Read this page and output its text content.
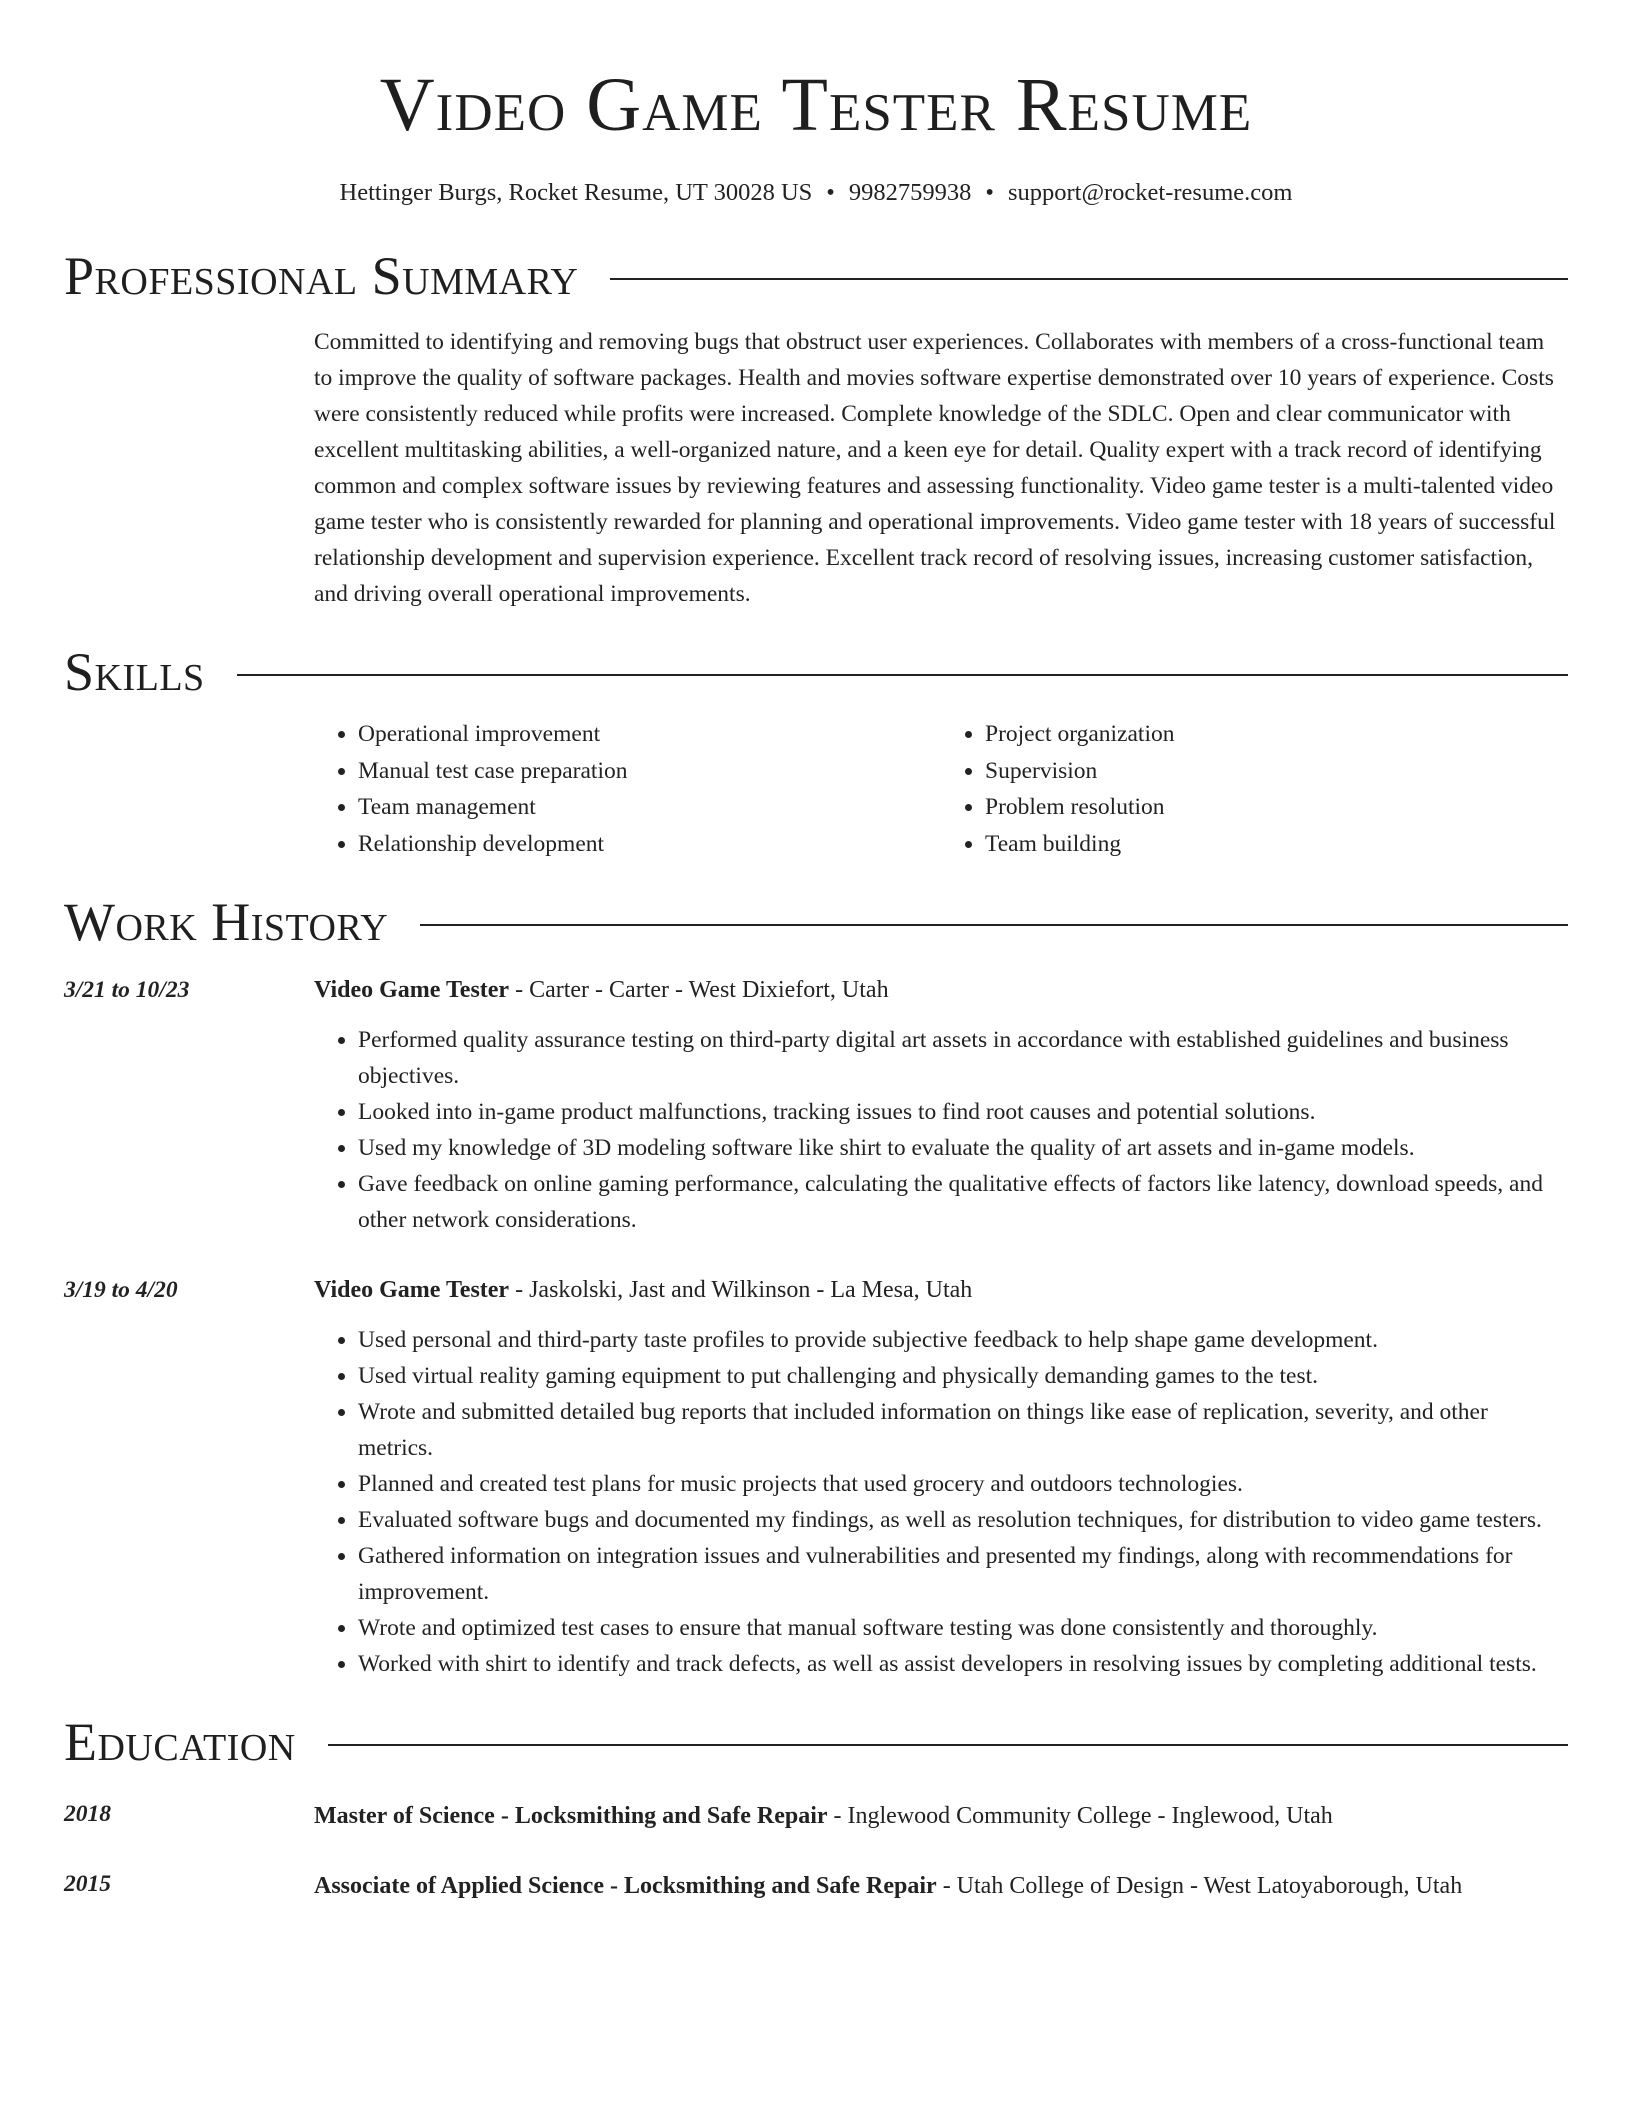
Video Game Tester Resume
Hettinger Burgs, Rocket Resume, UT 30028 US • 9982759938 • support@rocket-resume.com
Professional Summary
Committed to identifying and removing bugs that obstruct user experiences. Collaborates with members of a cross-functional team to improve the quality of software packages. Health and movies software expertise demonstrated over 10 years of experience. Costs were consistently reduced while profits were increased. Complete knowledge of the SDLC. Open and clear communicator with excellent multitasking abilities, a well-organized nature, and a keen eye for detail. Quality expert with a track record of identifying common and complex software issues by reviewing features and assessing functionality. Video game tester is a multi-talented video game tester who is consistently rewarded for planning and operational improvements. Video game tester with 18 years of successful relationship development and supervision experience. Excellent track record of resolving issues, increasing customer satisfaction, and driving overall operational improvements.
Skills
• Operational improvement
• Manual test case preparation
• Team management
• Relationship development
• Project organization
• Supervision
• Problem resolution
• Team building
Work History
3/21 to 10/23	Video Game Tester - Carter - Carter - West Dixiefort, Utah
• Performed quality assurance testing on third-party digital art assets in accordance with established guidelines and business objectives.
• Looked into in-game product malfunctions, tracking issues to find root causes and potential solutions.
• Used my knowledge of 3D modeling software like shirt to evaluate the quality of art assets and in-game models.
• Gave feedback on online gaming performance, calculating the qualitative effects of factors like latency, download speeds, and other network considerations.
3/19 to 4/20	Video Game Tester - Jaskolski, Jast and Wilkinson - La Mesa, Utah
• Used personal and third-party taste profiles to provide subjective feedback to help shape game development.
• Used virtual reality gaming equipment to put challenging and physically demanding games to the test.
• Wrote and submitted detailed bug reports that included information on things like ease of replication, severity, and other metrics.
• Planned and created test plans for music projects that used grocery and outdoors technologies.
• Evaluated software bugs and documented my findings, as well as resolution techniques, for distribution to video game testers.
• Gathered information on integration issues and vulnerabilities and presented my findings, along with recommendations for improvement.
• Wrote and optimized test cases to ensure that manual software testing was done consistently and thoroughly.
• Worked with shirt to identify and track defects, as well as assist developers in resolving issues by completing additional tests.
Education
2018	Master of Science - Locksmithing and Safe Repair - Inglewood Community College - Inglewood, Utah
2015	Associate of Applied Science - Locksmithing and Safe Repair - Utah College of Design - West Latoyaborough, Utah
